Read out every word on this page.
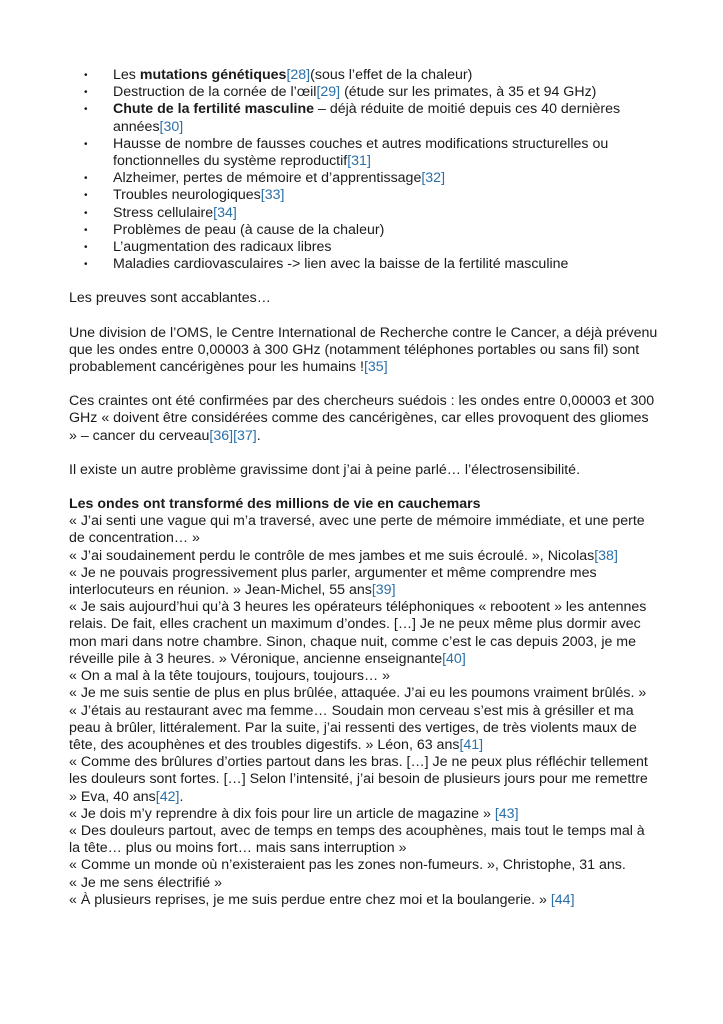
• Les mutations génétiques[28](sous l’effet de la chaleur)
• Destruction de la cornée de l’œil[29] (étude sur les primates, à 35 et 94 GHz)
• Chute de la fertilité masculine – déjà réduite de moitié depuis ces 40 dernières années[30]
• Hausse de nombre de fausses couches et autres modifications structurelles ou fonctionnelles du système reproductif[31]
• Alzheimer, pertes de mémoire et d’apprentissage[32]
• Troubles neurologiques[33]
• Stress cellulaire[34]
• Problèmes de peau (à cause de la chaleur)
• L’augmentation des radicaux libres
• Maladies cardiovasculaires -> lien avec la baisse de la fertilité masculine

Les preuves sont accablantes…

Une division de l’OMS, le Centre International de Recherche contre le Cancer, a déjà prévenu que les ondes entre 0,00003 à 300 GHz (notamment téléphones portables ou sans fil) sont probablement cancérigènes pour les humains ![35]

Ces craintes ont été confirmées par des chercheurs suédois : les ondes entre 0,00003 et 300 GHz « doivent être considérées comme des cancérigènes, car elles provoquent des gliomes » – cancer du cerveau[36][37].

Il existe un autre problème gravissime dont j’ai à peine parlé… l’électrosensibilité.

Les ondes ont transformé des millions de vie en cauchemars

« J’ai senti une vague qui m’a traversé, avec une perte de mémoire immédiate, et une perte de concentration… »

« J’ai soudainement perdu le contrôle de mes jambes et me suis écroulé. », Nicolas[38]

« Je ne pouvais progressivement plus parler, argumenter et même comprendre mes interlocuteurs en réunion. » Jean-Michel, 55 ans[39]

« Je sais aujourd’hui qu’à 3 heures les opérateurs téléphoniques « rebootent » les antennes relais. De fait, elles crachent un maximum d’ondes. […] Je ne peux même plus dormir avec mon mari dans notre chambre. Sinon, chaque nuit, comme c’est le cas depuis 2003, je me réveille pile à 3 heures. » Véronique, ancienne enseignante[40]

« On a mal à la tête toujours, toujours, toujours… »

« Je me suis sentie de plus en plus brûlée, attaquée. J’ai eu les poumons vraiment brûlés. »

« J’étais au restaurant avec ma femme… Soudain mon cerveau s’est mis à grésiller et ma peau à brûler, littéralement. Par la suite, j’ai ressenti des vertiges, de très violents maux de tête, des acouphènes et des troubles digestifs. » Léon, 63 ans[41]

« Comme des brûlures d’orties partout dans les bras. […] Je ne peux plus réfléchir tellement les douleurs sont fortes. […] Selon l’intensité, j’ai besoin de plusieurs jours pour me remettre » Eva, 40 ans[42].

« Je dois m’y reprendre à dix fois pour lire un article de magazine » [43]

« Des douleurs partout, avec de temps en temps des acouphènes, mais tout le temps mal à la tête… plus ou moins fort… mais sans interruption »

« Comme un monde où n’existeraient pas les zones non-fumeurs. », Christophe, 31 ans.

« Je me sens électrifié »

« À plusieurs reprises, je me suis perdue entre chez moi et la boulangerie. » [44]
